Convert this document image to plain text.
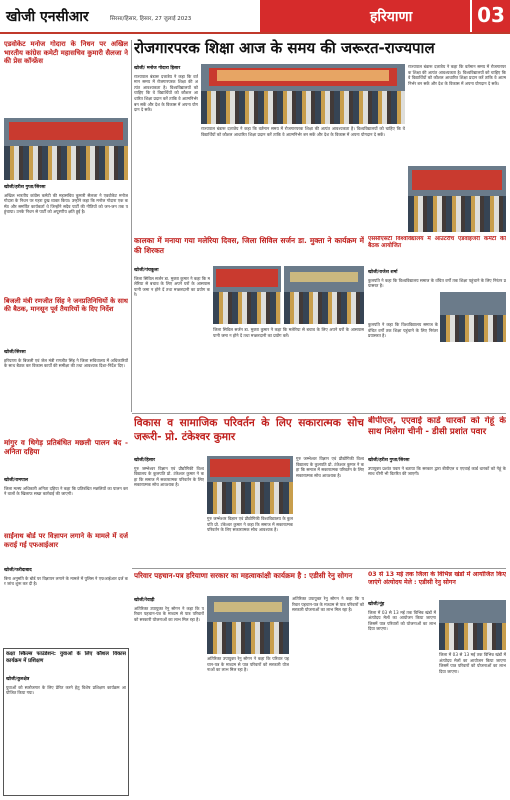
खोजी एनसीआर	सिरसा/हिसार, हिसार, 27 जुलाई 2023	हरियाणा	03
एडवोकेट मनोज गोदारा के निधन पर अखिल भारतीय कांग्रेस कमेटी महासचिव कुमारी सैलजा ने की प्रेस कॉन्फ्रेंस
खोजी/हरीश गुप्ता/सिरसा
अखिल भारतीय कांग्रेस कमेटी की महासचिव कुमारी सैलजा ने एडवोकेट मनोज गोदारा के निधन पर गहरा दुख व्यक्त किया। उन्होंने कहा कि मनोज गोदारा एक कर्मठ और समर्पित कार्यकर्ता थे जिन्होंने सदैव पार्टी की नीतियों को जन-जन तक पहुंचाया। उनके निधन से पार्टी को अपूरणीय क्षति हुई है।
बिजली मंत्री रणजीत सिंह ने जनप्रतिनिधियों के साथ की बैठक, मानसून पूर्व तैयारियों के दिए निर्देश
खोजी/सिरसा
हरियाणा के बिजली एवं जेल मंत्री रणजीत सिंह ने जिला सचिवालय में अधिकारियों के साथ बैठक कर विकास कार्यों की समीक्षा की तथा आवश्यक दिशा-निर्देश दिए।
रोजगारपरक शिक्षा आज के समय की जरूरत-राज्यपाल
खोजी/ मनोज गोदारा हिसार
राज्यपाल बंडारू दत्तात्रेय ने कहा कि वर्तमान समय में रोजगारपरक शिक्षा की अत्यंत आवश्यकता है। विश्वविद्यालयों को चाहिए कि वे विद्यार्थियों को कौशल आधारित शिक्षा प्रदान करें ताकि वे आत्मनिर्भर बन सकें और देश के विकास में अपना योगदान दे सकें।
राज्यपाल बंडारू दत्तात्रेय ने कहा कि वर्तमान समय में रोजगारपरक शिक्षा की अत्यंत आवश्यकता है। विश्वविद्यालयों को चाहिए कि वे विद्यार्थियों को कौशल आधारित शिक्षा प्रदान करें ताकि वे आत्मनिर्भर बन सकें और देश के विकास में अपना योगदान दे सकें।
राज्यपाल बंडारू दत्तात्रेय ने कहा कि वर्तमान समय में रोजगारपरक शिक्षा की अत्यंत आवश्यकता है। विश्वविद्यालयों को चाहिए कि वे विद्यार्थियों को कौशल आधारित शिक्षा प्रदान करें ताकि वे आत्मनिर्भर बन सकें और देश के विकास में अपना योगदान दे सकें।
कालका में मनाया गया मलेरिया दिवस, जिला सिविल सर्जन डा. मुक्ता ने कार्यक्रम में की शिरकत
खोजी/पंचकूला
जिला सिविल सर्जन डा. मुक्ता कुमार ने कहा कि मलेरिया से बचाव के लिए अपने घरों के आसपास पानी जमा न होने दें तथा मच्छरदानी का प्रयोग करें।
जिला सिविल सर्जन डा. मुक्ता कुमार ने कहा कि मलेरिया से बचाव के लिए अपने घरों के आसपास पानी जमा न होने दें तथा मच्छरदानी का प्रयोग करें।
एससीएसटी विश्वविद्यालय में आउटरीच एडवाइजरी कमेटी की बैठक आयोजित
खोजी/राजेश शर्मा
कुलपति ने कहा कि विश्वविद्यालय समाज के वंचित वर्गों तक शिक्षा पहुंचाने के लिए निरंतर प्रयासरत है।
कुलपति ने कहा कि विश्वविद्यालय समाज के वंचित वर्गों तक शिक्षा पहुंचाने के लिए निरंतर प्रयासरत है।
विकास व सामाजिक परिवर्तन के लिए सकारात्मक सोच जरूरी- प्रो. टंकेश्वर कुमार
खोजी/हिसार
गुरु जम्भेश्वर विज्ञान एवं प्रौद्योगिकी विश्वविद्यालय के कुलपति प्रो. टंकेश्वर कुमार ने कहा कि समाज में सकारात्मक परिवर्तन के लिए सकारात्मक सोच आवश्यक है।
गुरु जम्भेश्वर विज्ञान एवं प्रौद्योगिकी विश्वविद्यालय के कुलपति प्रो. टंकेश्वर कुमार ने कहा कि समाज में सकारात्मक परिवर्तन के लिए सकारात्मक सोच आवश्यक है।
गुरु जम्भेश्वर विज्ञान एवं प्रौद्योगिकी विश्वविद्यालय के कुलपति प्रो. टंकेश्वर कुमार ने कहा कि समाज में सकारात्मक परिवर्तन के लिए सकारात्मक सोच आवश्यक है।
बीपीएल, एएवाई कार्ड धारकों को गेहूं के साथ मिलेगा चीनी - डीसी प्रशांत पवार
खोजी/हरीश गुप्ता/सिरसा
उपायुक्त प्रशांत पवार ने बताया कि सरकार द्वारा बीपीएल व एएवाई कार्ड धारकों को गेहूं के साथ चीनी भी वितरित की जाएगी।
मांगुर व थिगेड़ प्रतिबंधित मछली पालन बंद - अनिता दहिया
खोजी/रामपाल
जिला मत्स्य अधिकारी अनिता दहिया ने कहा कि प्रतिबंधित मछलियों का पालन करने वालों के खिलाफ सख्त कार्रवाई की जाएगी।
साईंनाथ बोर्ड पर विज्ञापन लगाने के मामले में दर्ज कराई गई एफआईआर
खोजी/फरीदाबाद
बिना अनुमति के बोर्ड पर विज्ञापन लगाने के मामले में पुलिस ने एफआईआर दर्ज कर जांच शुरू कर दी है।
कक्षा स्किल्स फाउंडेशन: युवाओं के लिए कौशल विकास कार्यक्रम में प्रशिक्षण
खोजी/कुरुक्षेत्र
युवाओं को स्वरोजगार के लिए प्रेरित करने हेतु विशेष प्रशिक्षण कार्यक्रम आयोजित किया गया।
परिवार पहचान-पत्र हरियाणा सरकार का महत्वाकांक्षी कार्यक्रम है : एडीसी रेनु सोगन
खोजी/रेवाड़ी
अतिरिक्त उपायुक्त रेनु सोगन ने कहा कि परिवार पहचान-पत्र के माध्यम से पात्र परिवारों को सरकारी योजनाओं का लाभ मिल रहा है।
अतिरिक्त उपायुक्त रेनु सोगन ने कहा कि परिवार पहचान-पत्र के माध्यम से पात्र परिवारों को सरकारी योजनाओं का लाभ मिल रहा है।
अतिरिक्त उपायुक्त रेनु सोगन ने कहा कि परिवार पहचान-पत्र के माध्यम से पात्र परिवारों को सरकारी योजनाओं का लाभ मिल रहा है।
03 से 13 मई तक जिला के विभिन्न खंडों में आयोजित किए जाएंगे अंत्योदय मेले : एडीसी रेनु सोगन
खोजी/नूंह
जिला में 03 से 13 मई तक विभिन्न खंडों में अंत्योदय मेलों का आयोजन किया जाएगा जिसमें पात्र परिवारों को योजनाओं का लाभ दिया जाएगा।
जिला में 03 से 13 मई तक विभिन्न खंडों में अंत्योदय मेलों का आयोजन किया जाएगा जिसमें पात्र परिवारों को योजनाओं का लाभ दिया जाएगा।
